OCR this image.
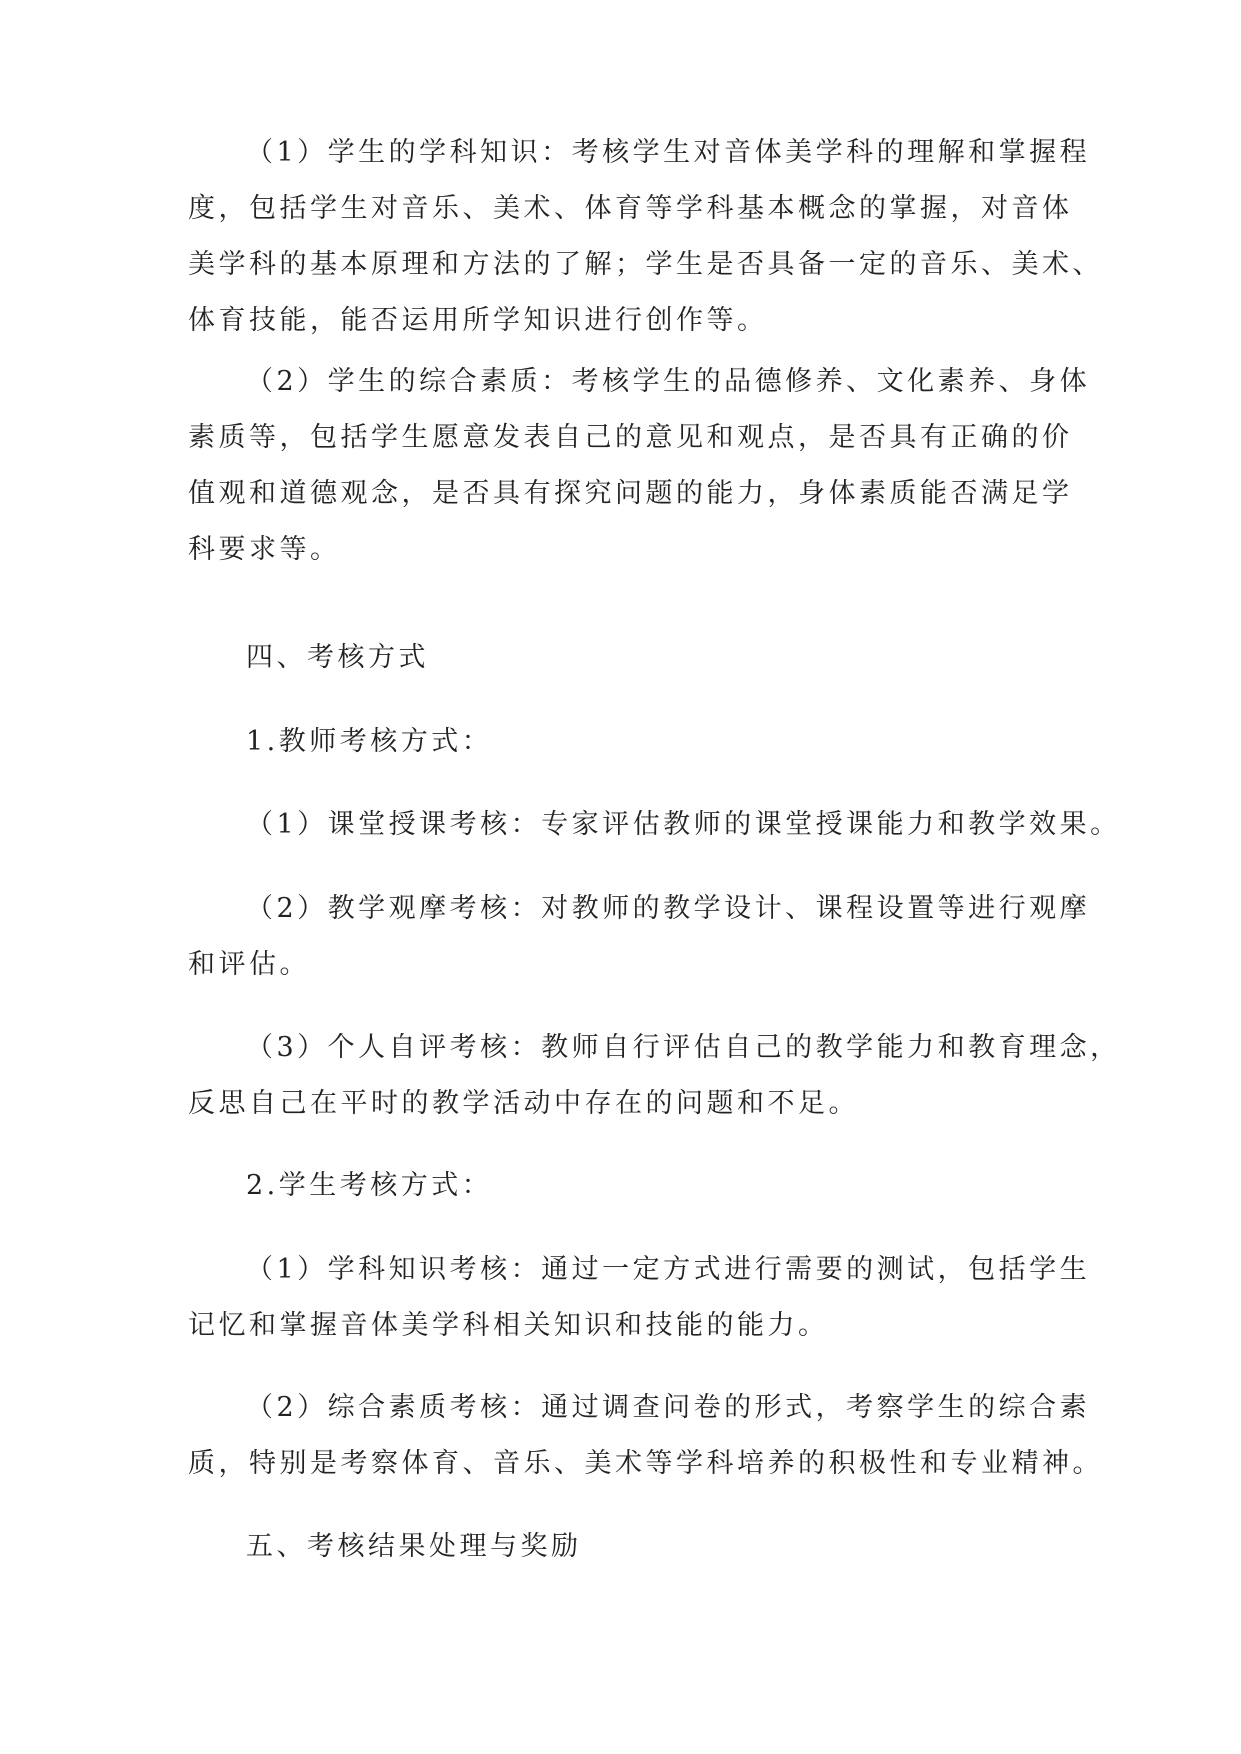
（1）学生的学科知识：考核学生对音体美学科的理解和掌握程
度，包括学生对音乐、美术、体育等学科基本概念的掌握，对音体
美学科的基本原理和方法的了解；学生是否具备一定的音乐、美术、
体育技能，能否运用所学知识进行创作等。
（2）学生的综合素质：考核学生的品德修养、文化素养、身体
素质等，包括学生愿意发表自己的意见和观点，是否具有正确的价
值观和道德观念，是否具有探究问题的能力，身体素质能否满足学
科要求等。
四、考核方式
1.教师考核方式：
（1）课堂授课考核：专家评估教师的课堂授课能力和教学效果。
（2）教学观摩考核：对教师的教学设计、课程设置等进行观摩
和评估。
（3）个人自评考核：教师自行评估自己的教学能力和教育理念，
反思自己在平时的教学活动中存在的问题和不足。
2.学生考核方式：
（1）学科知识考核：通过一定方式进行需要的测试，包括学生
记忆和掌握音体美学科相关知识和技能的能力。
（2）综合素质考核：通过调查问卷的形式，考察学生的综合素
质，特别是考察体育、音乐、美术等学科培养的积极性和专业精神。
五、考核结果处理与奖励
